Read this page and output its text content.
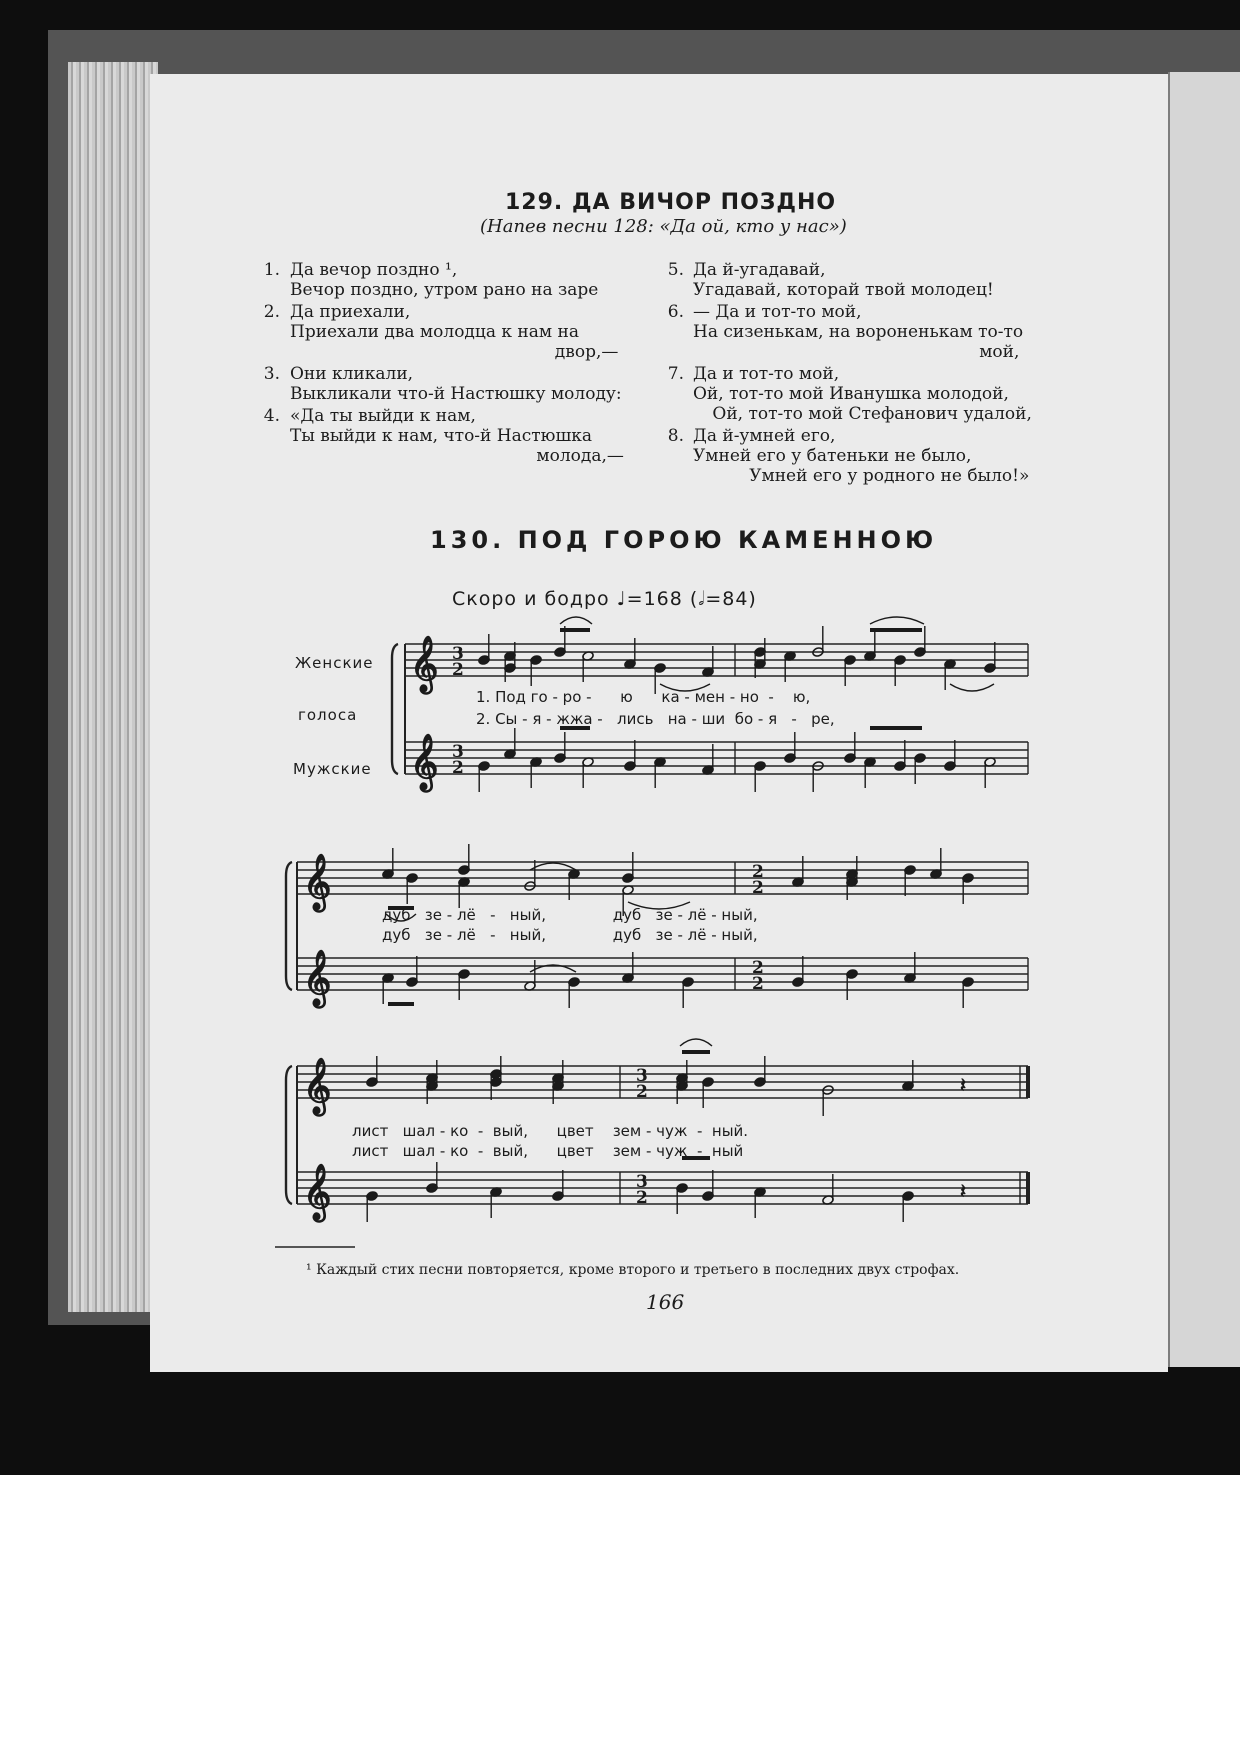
129. ДА ВИЧОР ПОЗДНО
(Напев песни 128: «Да ой, кто у нас»)
1. Да вечор поздно ¹,
Вечор поздно, утром рано на заре
2. Да приехали,
Приехали два молодца к нам на
двор,—
3. Они кликали,
Выкликали что-й Настюшку молоду:
4. «Да ты выйди к нам,
Ты выйди к нам, что-й Настюшка
молода,—
5. Да й-угадавай,
Угадавай, которай твой молодец!
6. — Да и тот-то мой,
На сизенькам, на вороненькам то-то
мой,
7. Да и тот-то мой,
Ой, тот-то мой Иванушка молодой,
Ой, тот-то мой Стефанович удалой,
8. Да й-умней его,
Умней его у батеньки не было,
Умней его у родного не было!»
130. ПОД ГОРОЮ КАМЕННОЮ
Скоро и бодро ♩=168 (𝅗𝅥=84)
Женские
голоса
Мужские
1. Под го - ро -      ю      ка - мен - но  -    ю,
2. Сы - я - жжа -   лись   на - ши  бо - я   -   ре,
дуб   зе - лё   -   ный,              дуб   зе - лё - ный,
дуб   зе - лё   -   ный,              дуб   зе - лё - ный,
лист   шал - ко  -  вый,      цвет    зем - чуж  -  ный.
лист   шал - ко  -  вый,      цвет    зем - чуж  -  ный
𝄞
𝄞
3
2
3
2
𝄞
𝄞
2
2
2
2
𝄞
𝄞
3
2
3
2
𝄽
𝄽
¹ Каждый стих песни повторяется, кроме второго и третьего в последних двух строфах.
166
